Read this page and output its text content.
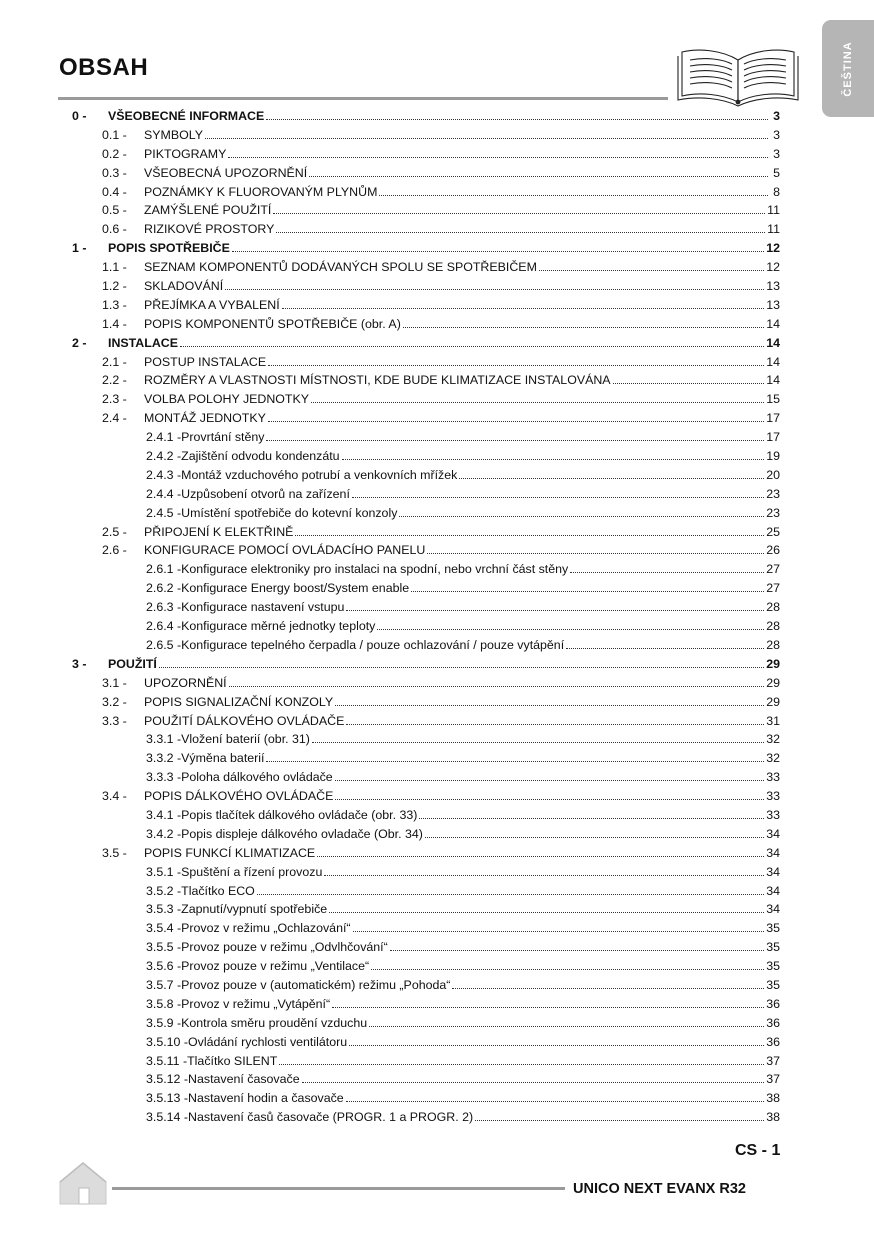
OBSAH	ČEŠTINA
0 -	VŠEOBECNÉ INFORMACE	3
0.1 -	SYMBOLY	3
0.2 -	PIKTOGRAMY	3
0.3 -	VŠEOBECNÁ UPOZORNĚNÍ	5
0.4 -	POZNÁMKY K FLUOROVANÝM PLYNŮM	8
0.5 -	ZAMÝŠLENÉ POUŽITÍ	11
0.6 -	RIZIKOVÉ PROSTORY	11
1 -	POPIS SPOTŘEBIČE	12
1.1 -	SEZNAM KOMPONENTŮ DODÁVANÝCH SPOLU SE SPOTŘEBIČEM	12
1.2 -	SKLADOVÁNÍ	13
1.3 -	PŘEJÍMKA A VYBALENÍ	13
1.4 -	POPIS KOMPONENTŮ SPOTŘEBIČE (obr. A)	14
2 -	INSTALACE	14
2.1 -	POSTUP INSTALACE	14
2.2 -	ROZMĚRY A VLASTNOSTI MÍSTNOSTI, KDE BUDE KLIMATIZACE INSTALOVÁNA	14
2.3 -	VOLBA POLOHY JEDNOTKY	15
2.4 -	MONTÁŽ JEDNOTKY	17
2.4.1 - Provrtání stěny	17
2.4.2 - Zajištění odvodu kondenzátu	19
2.4.3 - Montáž vzduchového potrubí a venkovních mřížek	20
2.4.4 - Uzpůsobení otvorů na zařízení	23
2.4.5 - Umístění spotřebiče do kotevní konzoly	23
2.5 -	PŘIPOJENÍ K ELEKTŘINĚ	25
2.6 -	KONFIGURACE POMOCÍ OVLÁDACÍHO PANELU	26
2.6.1 - Konfigurace elektroniky pro instalaci na spodní, nebo vrchní část stěny	27
2.6.2 - Konfigurace Energy boost/System enable	27
2.6.3 - Konfigurace nastavení vstupu	28
2.6.4 - Konfigurace měrné jednotky teploty	28
2.6.5 - Konfigurace tepelného čerpadla / pouze ochlazování / pouze vytápění	28
3 -	POUŽITÍ	29
3.1 -	UPOZORNĚNÍ	29
3.2 -	POPIS SIGNALIZAČNÍ KONZOLY	29
3.3 -	POUŽITÍ DÁLKOVÉHO OVLÁDAČE	31
3.3.1 - Vložení baterií (obr. 31)	32
3.3.2 - Výměna baterií	32
3.3.3 - Poloha dálkového ovládače	33
3.4 -	POPIS DÁLKOVÉHO OVLÁDAČE	33
3.4.1 - Popis tlačítek dálkového ovládače (obr. 33)	33
3.4.2 - Popis displeje dálkového ovladače (Obr. 34)	34
3.5 -	POPIS FUNKCÍ KLIMATIZACE	34
3.5.1 - Spuštění a řízení provozu	34
3.5.2 - Tlačítko ECO	34
3.5.3 - Zapnutí/vypnutí spotřebiče	34
3.5.4 - Provoz v režimu „Ochlazování“	35
3.5.5 - Provoz pouze v režimu „Odvlhčování“	35
3.5.6 - Provoz pouze v režimu „Ventilace“	35
3.5.7 - Provoz pouze v (automatickém) režimu „Pohoda“	35
3.5.8 - Provoz v režimu „Vytápění“	36
3.5.9 - Kontrola směru proudění vzduchu	36
3.5.10 - Ovládání rychlosti ventilátoru	36
3.5.11 - Tlačítko SILENT	37
3.5.12 - Nastavení časovače	37
3.5.13 - Nastavení hodin a časovače	38
3.5.14 - Nastavení časů časovače (PROGR. 1 a PROGR. 2)	38
CS - 1
UNICO NEXT EVANX R32
